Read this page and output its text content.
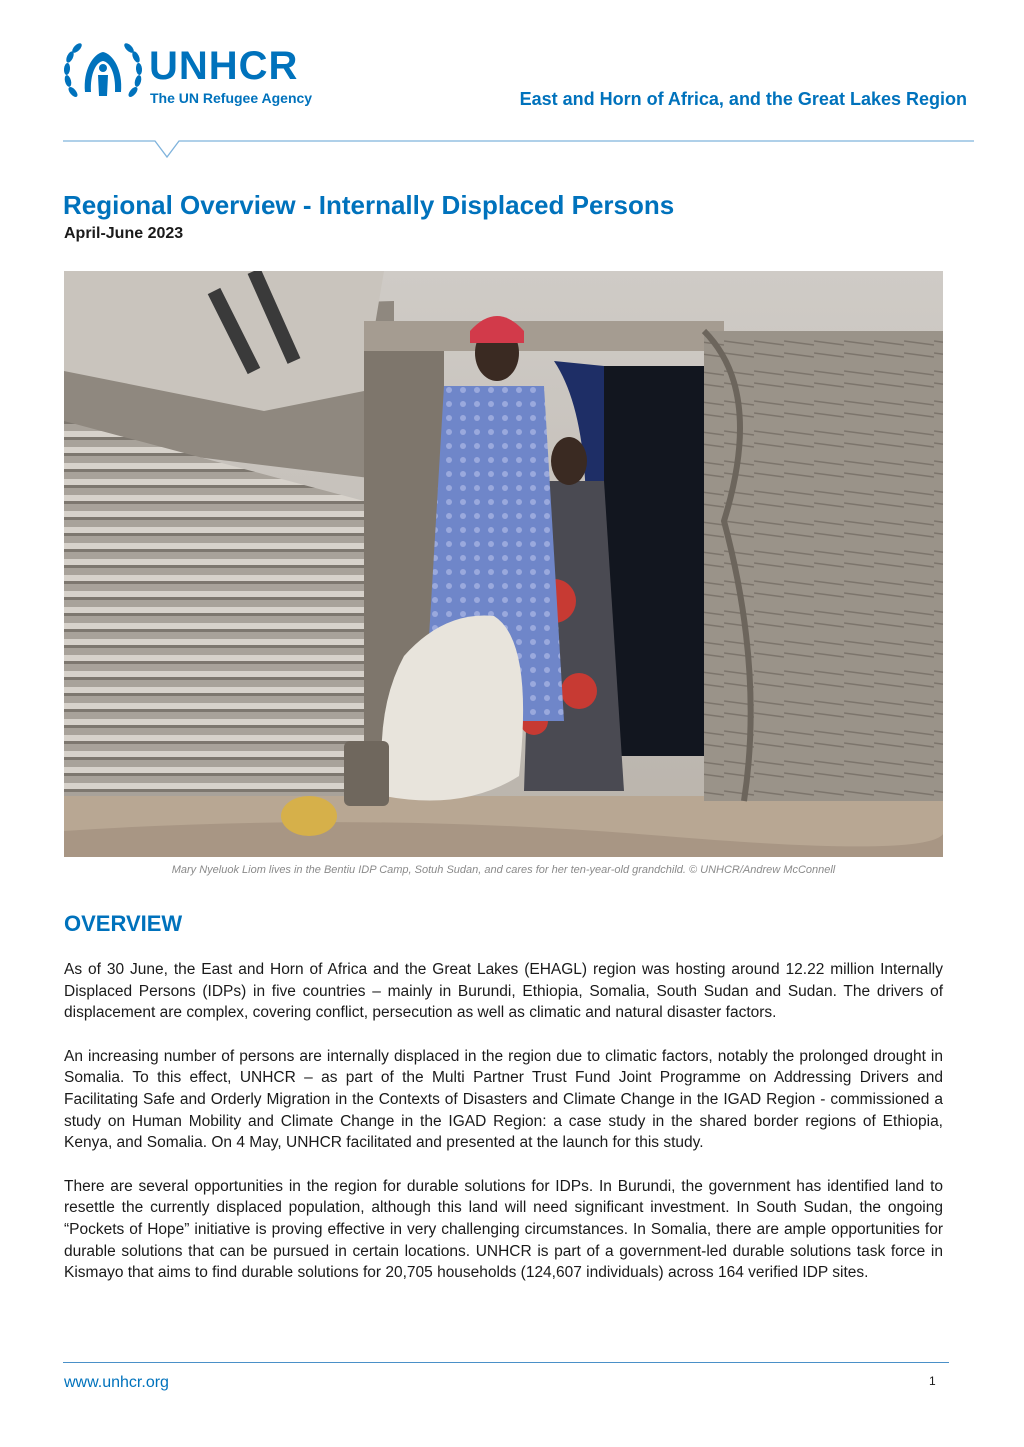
UNHCR
The UN Refugee Agency	East and Horn of Africa, and the Great Lakes Region
Regional Overview - Internally Displaced Persons
April-June 2023
Mary Nyeluok Liom lives in the Bentiu IDP Camp, Sotuh Sudan, and cares for her ten-year-old grandchild. © UNHCR/Andrew McConnell
OVERVIEW

As of 30 June, the East and Horn of Africa and the Great Lakes (EHAGL) region was hosting around 12.22 million Internally Displaced Persons (IDPs) in five countries – mainly in Burundi, Ethiopia, Somalia, South Sudan and Sudan. The drivers of displacement are complex, covering conflict, persecution as well as climatic and natural disaster factors.

An increasing number of persons are internally displaced in the region due to climatic factors, notably the prolonged drought in Somalia. To this effect, UNHCR – as part of the Multi Partner Trust Fund Joint Programme on Addressing Drivers and Facilitating Safe and Orderly Migration in the Contexts of Disasters and Climate Change in the IGAD Region - commissioned a study on Human Mobility and Climate Change in the IGAD Region: a case study in the shared border regions of Ethiopia, Kenya, and Somalia. On 4 May, UNHCR facilitated and presented at the launch for this study.

There are several opportunities in the region for durable solutions for IDPs. In Burundi, the government has identified land to resettle the currently displaced population, although this land will need significant investment. In South Sudan, the ongoing “Pockets of Hope” initiative is proving effective in very challenging circumstances. In Somalia, there are ample opportunities for durable solutions that can be pursued in certain locations. UNHCR is part of a government-led durable solutions task force in Kismayo that aims to find durable solutions for 20,705 households (124,607 individuals) across 164 verified IDP sites.

www.unhcr.org	1
